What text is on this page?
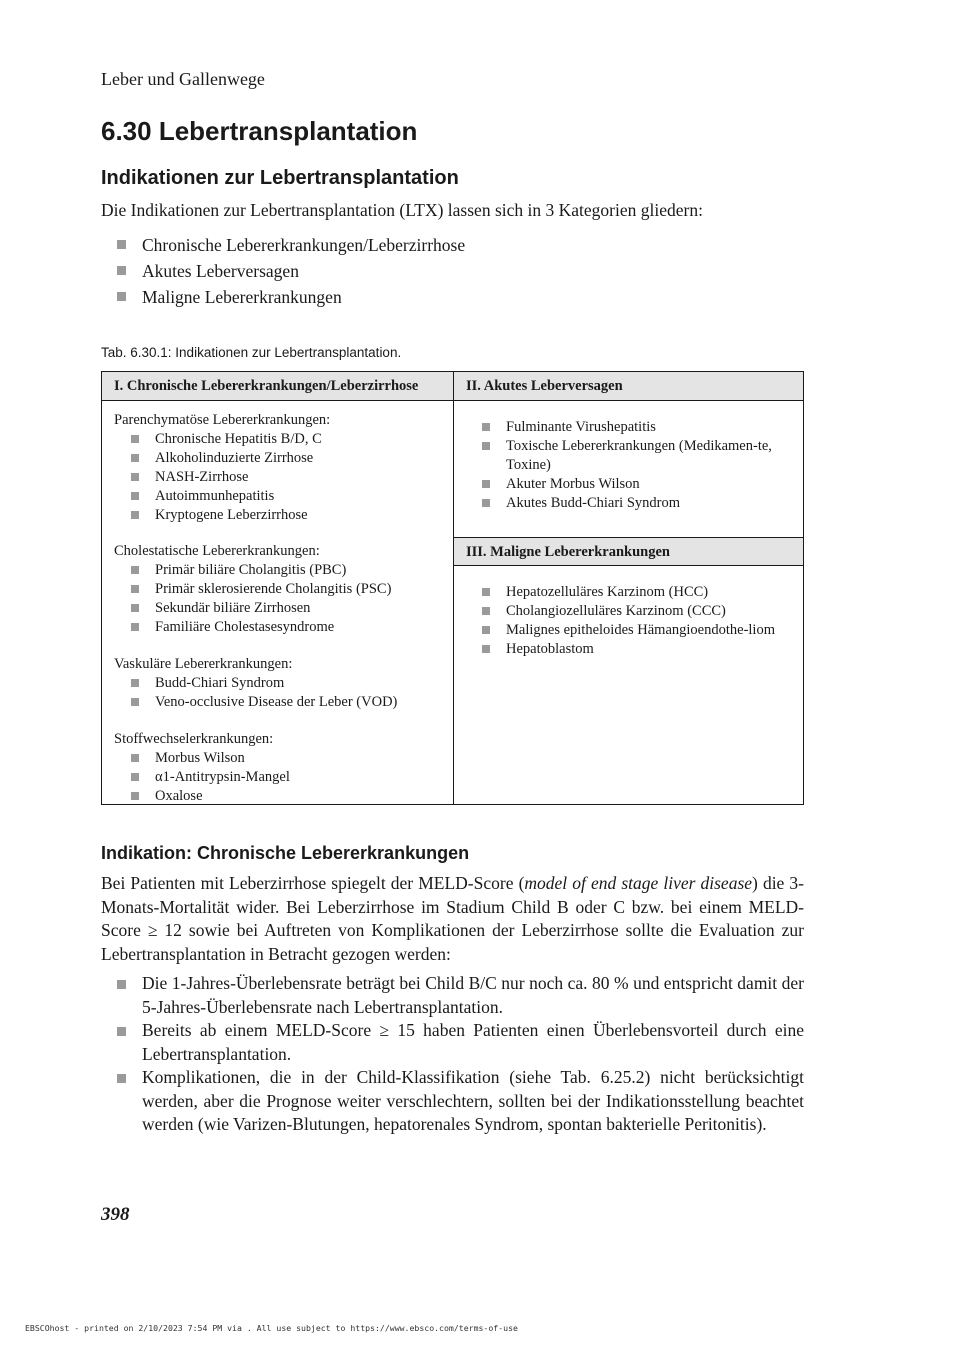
Leber und Gallenwege
6.30 Lebertransplantation
Indikationen zur Lebertransplantation

Die Indikationen zur Lebertransplantation (LTX) lassen sich in 3 Kategorien gliedern:

Chronische Lebererkrankungen/Leberzirrhose
Akutes Leberversagen
Maligne Lebererkrankungen
Tab. 6.30.1: Indikationen zur Lebertransplantation.
I. Chronische Lebererkrankungen/Leberzirrhose	II. Akutes Leberversagen
III. Maligne Lebererkrankungen

Parenchymatöse Lebererkrankungen:

Chronische Hepatitis B/D, C
Alkoholinduzierte Zirrhose
NASH-Zirrhose
Autoimmunhepatitis
Kryptogene Leberzirrhose

Cholestatische Lebererkrankungen:

Primär biliäre Cholangitis (PBC)
Primär sklerosierende Cholangitis (PSC)
Sekundär biliäre Zirrhosen
Familiäre Cholestasesyndrome

Vaskuläre Lebererkrankungen:

Budd-Chiari Syndrom
Veno-occlusive Disease der Leber (VOD)

Stoffwechselerkrankungen:

Morbus Wilson
α1-Antitrypsin-Mangel
Oxalose
Fulminante Virushepatitis
Toxische Lebererkrankungen (Medikamen-te, Toxine)
Akuter Morbus Wilson
Akutes Budd-Chiari Syndrom
Hepatozelluläres Karzinom (HCC)
Cholangiozelluläres Karzinom (CCC)
Malignes epitheloides Hämangioendothe-liom
Hepatoblastom
Indikation: Chronische Lebererkrankungen

Bei Patienten mit Leberzirrhose spiegelt der MELD-Score (model of end stage liver disease) die 3-Monats-Mortalität wider. Bei Leberzirrhose im Stadium Child B oder C bzw. bei einem MELD-Score ≥ 12 sowie bei Auftreten von Komplikationen der Leberzirrhose sollte die Evaluation zur Lebertransplantation in Betracht gezogen werden:

Die 1-Jahres-Überlebensrate beträgt bei Child B/C nur noch ca. 80 % und entspricht damit der 5-Jahres-Überlebensrate nach Lebertransplantation.
Bereits ab einem MELD-Score ≥ 15 haben Patienten einen Überlebensvorteil durch eine Lebertransplantation.
Komplikationen, die in der Child-Klassifikation (siehe Tab. 6.25.2) nicht berücksichtigt werden, aber die Prognose weiter verschlechtern, sollten bei der Indikationsstellung beachtet werden (wie Varizen-Blutungen, hepatorenales Syndrom, spontan bakterielle Peritonitis).
398
EBSCOhost - printed on 2/10/2023 7:54 PM via . All use subject to https://www.ebsco.com/terms-of-use
